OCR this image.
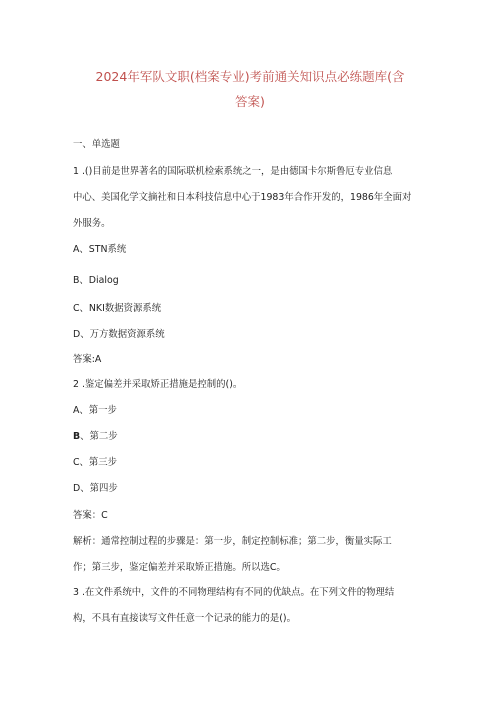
2024年军队文职(档案专业)考前通关知识点必练题库(含
答案)
一、单选题
1 .()目前是世界著名的国际联机检索系统之一，是由德国卡尔斯鲁厄专业信息
中心、美国化学文摘社和日本科技信息中心于1983年合作开发的，1986年全面对
外服务。
A、STN系统
B、Dialog
C、NKI数据资源系统
D、万方数据资源系统
答案:A
2 .鉴定偏差并采取矫正措施是控制的()。
A、第一步
B、第二步
C、第三步
D、第四步
答案：C
解析：通常控制过程的步骤是：第一步，制定控制标准；第二步，衡量实际工
作；第三步，鉴定偏差并采取矫正措施。所以选C。
3 .在文件系统中，文件的不同物理结构有不同的优缺点。在下列文件的物理结
构，不具有直接读写文件任意一个记录的能力的是()。
